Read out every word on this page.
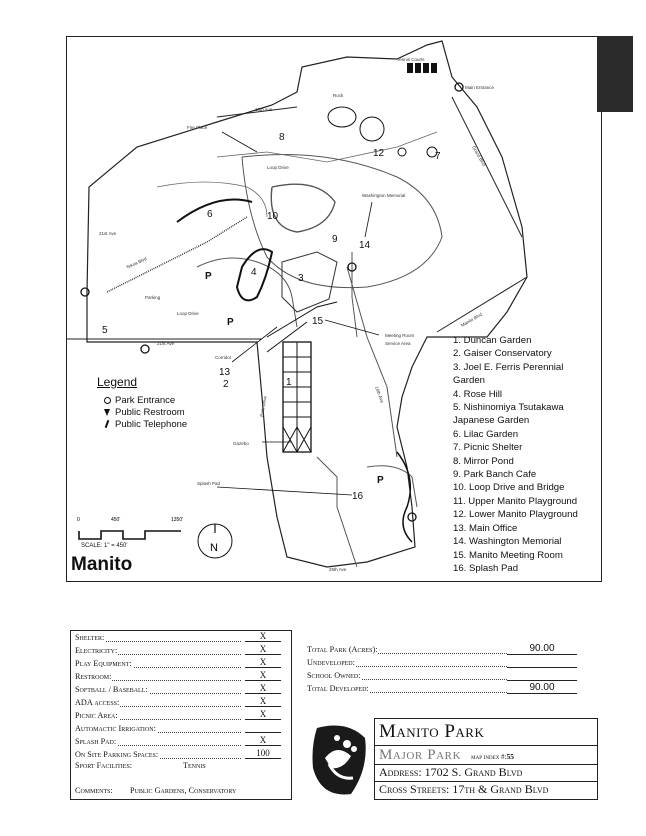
Tennis Courts
Rock
Main Entrance
18th Ave
Fire Place
Loop Drive
Washington Memorial
21st Ave
Tekoa Blvd
Manito Blvd
Grand Blvd
Loop Drive
Parking
Meeting Room
Service Area
21st Ave
Corridor
Park Drive
Gazebo
Splash Pad
25th Ave
16th Ave
8
12	7
6	10
9
14
4
3
5
15
13
2	1
16
P
P
P
Manito
Legend
Park Entrance
Public Restroom
Public Telephone
1. Duncan Garden
2. Gaiser Conservatory
3. Joel E. Ferris Perennial
Garden
4. Rose Hill
5. Nishinomiya Tsutakawa
Japanese Garden
6. Lilac Garden
7. Picnic Shelter
8. Mirror Pond
9. Park Banch Cafe
10. Loop Drive and Bridge
11. Upper Manito Playground
12. Lower Manito Playground
13. Main Office
14. Washington Memorial
15. Manito Meeting Room
16. Splash Pad
0	450'	1350'
SCALE: 1" = 450'	N
Shelter:	X
Electricity:	X
Play Equipment:	X
Restroom:	X
Softball / Baseball:	X
ADA access:	X
Picnic Area:	X
Automactic Irrigation:
Splash Pad:	X
On Site Parking Spaces:	100
Sport Facilities:	Tennis
Comments: Public Gardens, Conservatory
Total Park (Acres):	90.00
Undeveloped:
School Owned:
Total Developed:	90.00
Manito Park
Major Park map index #:55
Address: 1702 S. Grand Blvd
Cross Streets: 17th & Grand Blvd
